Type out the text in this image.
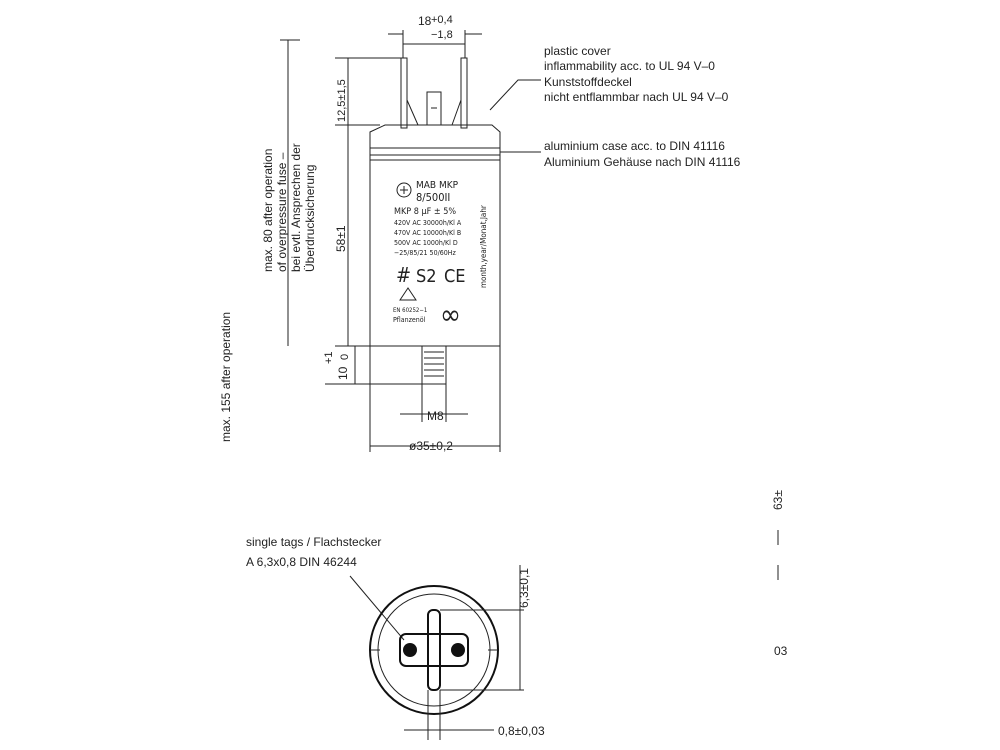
18 +0,4
−1,8
MAB MKP
8/500II
MKP 8 µF ± 5%
420V AC 30000h/Kl A
470V AC 10000h/Kl B
500V AC 1000h/Kl D
−25/85/21 50/60Hz
# S2 CE
EN 60252−1
Pflanzenöl ∞
month,year/Monat,Jahr
plastic cover
inflammability acc. to UL 94 V–0
Kunststoffdeckel
nicht entflammbar nach UL 94 V–0
aluminium case acc. to DIN 41116
Aluminium Gehäuse nach DIN 41116
12,5±1,5
58±1
10
+1 0
max. 80 after operation of overpressure fuse – bei evtl. Ansprechen der Überdrucksicherung
M8
ø35±0,2
single tags / Flachstecker
A 6,3x0,8 DIN 46244
6,3±0,1
0,8±0,03
max. 155 after operation
63±
03
